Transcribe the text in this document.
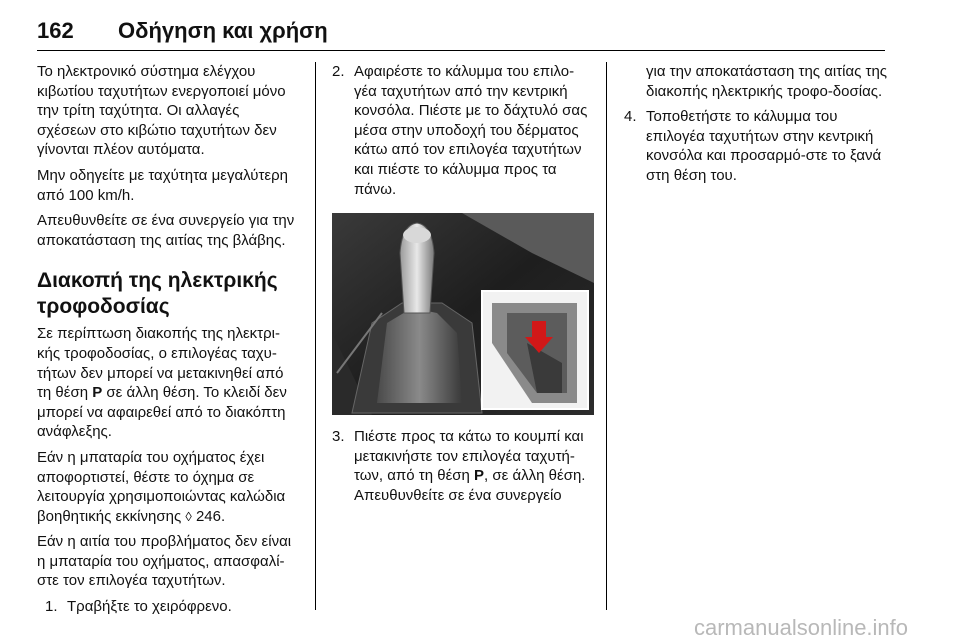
162 Οδήγηση και χρήση

Το ηλεκτρονικό σύστημα ελέγχου κιβωτίου ταχυτήτων ενεργοποιεί μόνο την τρίτη ταχύτητα. Οι αλλαγές σχέσεων στο κιβώτιο ταχυτήτων δεν γίνονται πλέον αυτόματα.

Μην οδηγείτε με ταχύτητα μεγαλύτερη από 100 km/h.

Απευθυνθείτε σε ένα συνεργείο για την αποκατάσταση της αιτίας της βλάβης.

Διακοπή της ηλεκτρικής τροφοδοσίας

Σε περίπτωση διακοπής της ηλεκτρι-κής τροφοδοσίας, ο επιλογέας ταχυ-τήτων δεν μπορεί να μετακινηθεί από τη θέση P σε άλλη θέση. Το κλειδί δεν μπορεί να αφαιρεθεί από το διακόπτη ανάφλεξης.

Εάν η μπαταρία του οχήματος έχει αποφορτιστεί, θέστε το όχημα σε λειτουργία χρησιμοποιώντας καλώδια βοηθητικής εκκίνησης ◊ 246.

Εάν η αιτία του προβλήματος δεν είναι η μπαταρία του οχήματος, απασφαλί-στε τον επιλογέα ταχυτήτων.

1. Τραβήξτε το χειρόφρενο.
2. Αφαιρέστε το κάλυμμα του επιλο-γέα ταχυτήτων από την κεντρική κονσόλα. Πιέστε με το δάχτυλό σας μέσα στην υποδοχή του δέρματος κάτω από τον επιλογέα ταχυτήτων και πιέστε το κάλυμμα προς τα πάνω.
3. Πιέστε προς τα κάτω το κουμπί και μετακινήστε τον επιλογέα ταχυτή-των, από τη θέση P, σε άλλη θέση. Απευθυνθείτε σε ένα συνεργείο
για την αποκατάσταση της αιτίας της διακοπής ηλεκτρικής τροφο-δοσίας.
4. Τοποθετήστε το κάλυμμα του επιλογέα ταχυτήτων στην κεντρική κονσόλα και προσαρμό-στε το ξανά στη θέση του.
carmanualsonline.info
